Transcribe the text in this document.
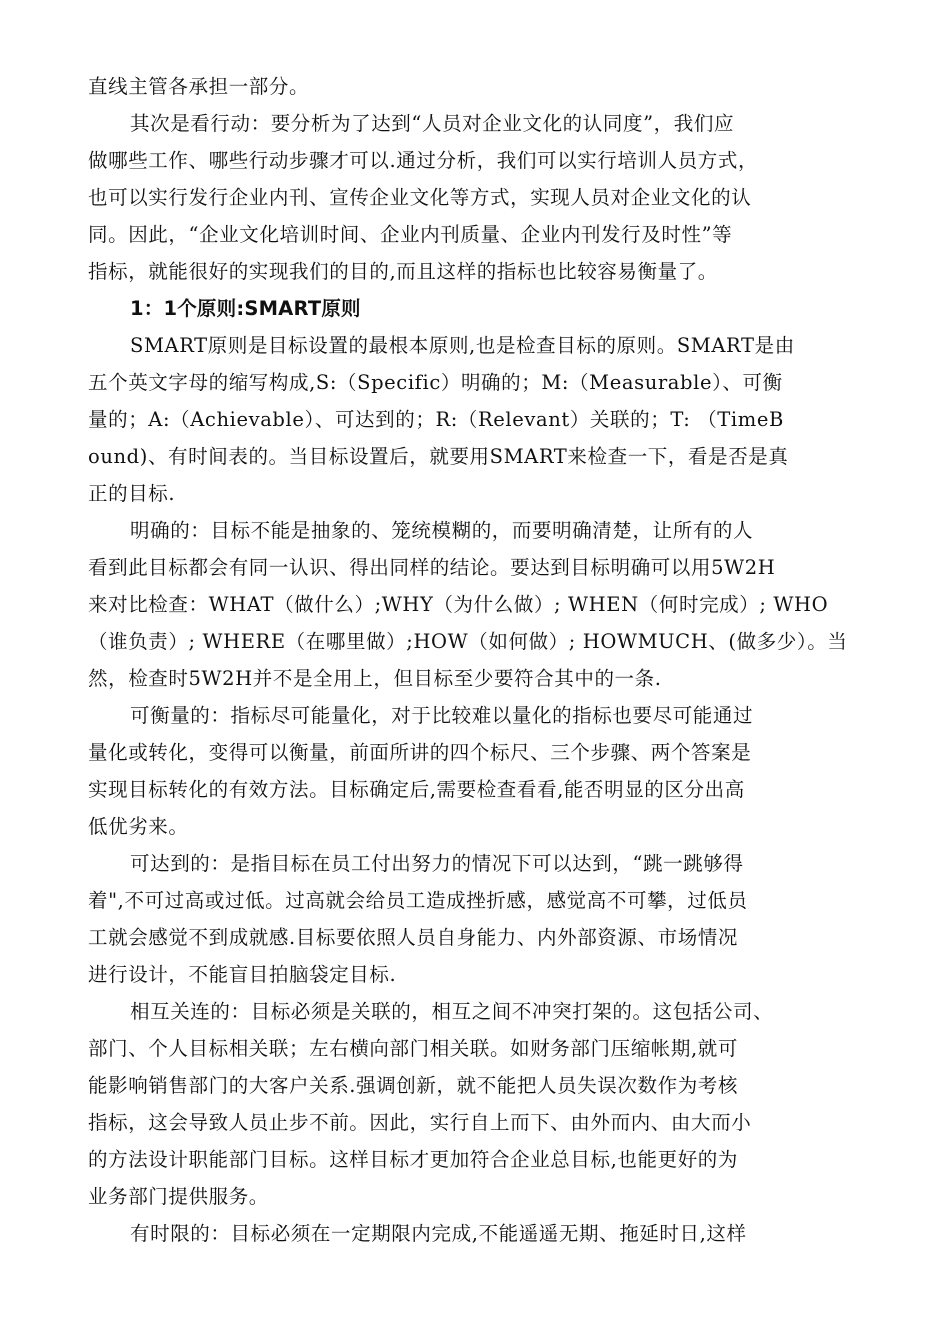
直线主管各承担一部分。
其次是看行动：要分析为了达到“人员对企业文化的认同度”，我们应
做哪些工作、哪些行动步骤才可以.通过分析，我们可以实行培训人员方式，
也可以实行发行企业内刊、宣传企业文化等方式，实现人员对企业文化的认
同。因此，“企业文化培训时间、企业内刊质量、企业内刊发行及时性”等
指标，就能很好的实现我们的目的,而且这样的指标也比较容易衡量了。
1：1个原则:SMART原则
SMART原则是目标设置的最根本原则,也是检查目标的原则。SMART是由
五个英文字母的缩写构成,S:（Specific）明确的；M:（Measurable）、可衡
量的；A:（Achievable）、可达到的；R:（Relevant）关联的；T: （TimeB
ound)、有时间表的。当目标设置后，就要用SMART来检查一下，看是否是真
正的目标.
明确的：目标不能是抽象的、笼统模糊的，而要明确清楚，让所有的人
看到此目标都会有同一认识、得出同样的结论。要达到目标明确可以用5W2H
来对比检查：WHAT（做什么）;WHY（为什么做）; WHEN（何时完成）; WHO
（谁负责）; WHERE（在哪里做）;HOW（如何做）; HOWMUCH、(做多少）。当
然，检查时5W2H并不是全用上，但目标至少要符合其中的一条.
可衡量的：指标尽可能量化，对于比较难以量化的指标也要尽可能通过
量化或转化，变得可以衡量，前面所讲的四个标尺、三个步骤、两个答案是
实现目标转化的有效方法。目标确定后,需要检查看看,能否明显的区分出高
低优劣来。
可达到的：是指目标在员工付出努力的情况下可以达到，“跳一跳够得
着",不可过高或过低。过高就会给员工造成挫折感，感觉高不可攀，过低员
工就会感觉不到成就感.目标要依照人员自身能力、内外部资源、市场情况
进行设计，不能盲目拍脑袋定目标.
相互关连的：目标必须是关联的，相互之间不冲突打架的。这包括公司、
部门、个人目标相关联；左右横向部门相关联。如财务部门压缩帐期,就可
能影响销售部门的大客户关系.强调创新，就不能把人员失误次数作为考核
指标，这会导致人员止步不前。因此，实行自上而下、由外而内、由大而小
的方法设计职能部门目标。这样目标才更加符合企业总目标,也能更好的为
业务部门提供服务。
有时限的：目标必须在一定期限内完成,不能遥遥无期、拖延时日,这样
